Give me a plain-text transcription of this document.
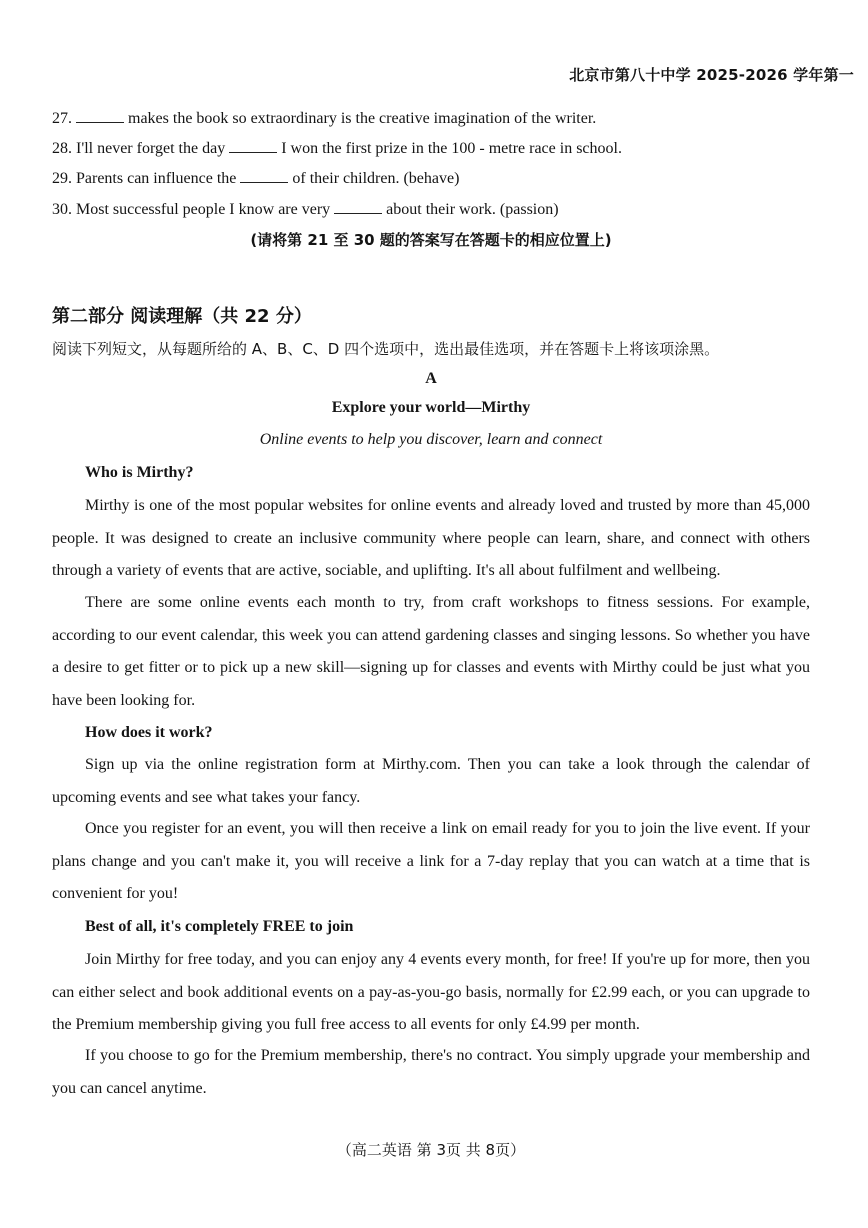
北京市第八十中学 2025-2026 学年第一
27.	makes the book so extraordinary is the creative imagination of the writer.
28. I'll never forget the day	I won the first prize in the 100 - metre race in school.
29. Parents can influence the	of their children. (behave)
30. Most successful people I know are very	about their work. (passion)
(请将第 21 至 30 题的答案写在答题卡的相应位置上)
第二部分 阅读理解（共 22 分）
阅读下列短文，从每题所给的 A、B、C、D 四个选项中，选出最佳选项，并在答题卡上将该项涂黑。
A
Explore your world—Mirthy
Online events to help you discover, learn and connect
Who is Mirthy?

Mirthy is one of the most popular websites for online events and already loved and trusted by more than 45,000 people. It was designed to create an inclusive community where people can learn, share, and connect with others through a variety of events that are active, sociable, and uplifting. It's all about fulfilment and wellbeing.

There are some online events each month to try, from craft workshops to fitness sessions. For example, according to our event calendar, this week you can attend gardening classes and singing lessons. So whether you have a desire to get fitter or to pick up a new skill—signing up for classes and events with Mirthy could be just what you have been looking for.

How does it work?

Sign up via the online registration form at Mirthy.com. Then you can take a look through the calendar of upcoming events and see what takes your fancy.

Once you register for an event, you will then receive a link on email ready for you to join the live event. If your plans change and you can't make it, you will receive a link for a 7-day replay that you can watch at a time that is convenient for you!

Best of all, it's completely FREE to join

Join Mirthy for free today, and you can enjoy any 4 events every month, for free! If you're up for more, then you can either select and book additional events on a pay-as-you-go basis, normally for £2.99 each, or you can upgrade to the Premium membership giving you full free access to all events for only £4.99 per month.

If you choose to go for the Premium membership, there's no contract. You simply upgrade your membership and you can cancel anytime.

（高二英语 第 3页 共 8页）
